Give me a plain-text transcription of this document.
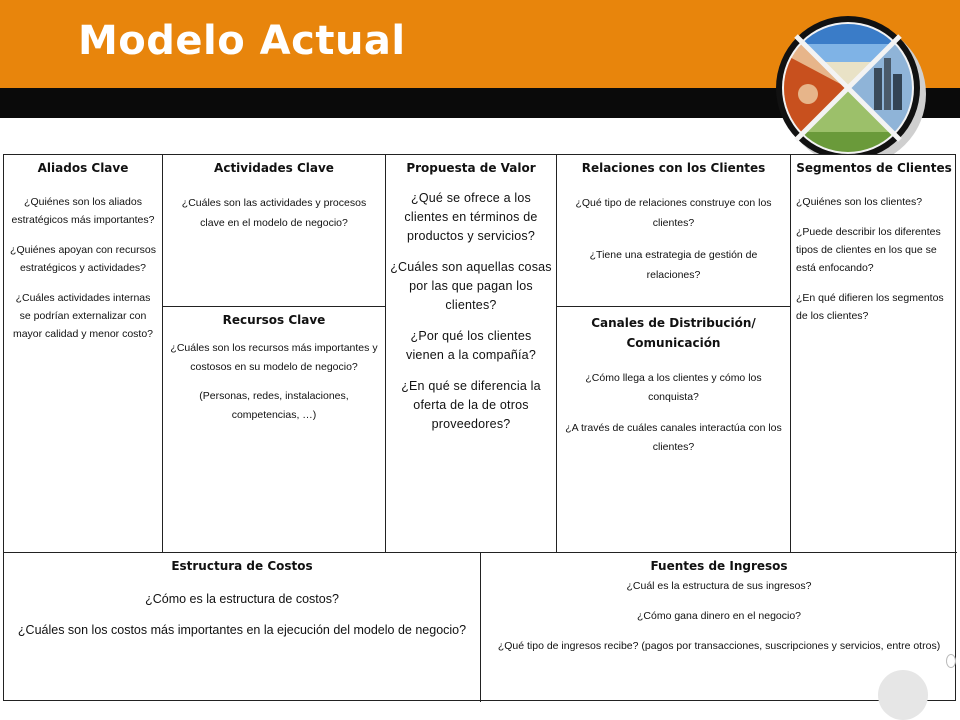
Modelo Actual
Aliados Clave
¿Quiénes son los aliados estratégicos más importantes?
¿Quiénes apoyan con recursos estratégicos y actividades?
¿Cuáles actividades internas se podrían externalizar con mayor calidad y menor costo?
Actividades Clave
¿Cuáles son las actividades y procesos clave en el modelo de negocio?
Recursos Clave
¿Cuáles son los recursos más importantes y costosos en su modelo de negocio?
(Personas, redes, instalaciones, competencias, …)
Propuesta de Valor
¿Qué se ofrece a los clientes en términos de productos y servicios?
¿Cuáles son aquellas cosas por las que pagan los clientes?
¿Por qué los clientes vienen a la compañía?
¿En qué se diferencia la oferta de la de otros proveedores?
Relaciones con los Clientes
¿Qué tipo de relaciones construye con los clientes?
¿Tiene una estrategia de gestión de relaciones?
Canales de Distribución/ Comunicación
¿Cómo llega a los clientes y cómo los conquista?
¿A través de cuáles canales interactúa con los clientes?
Segmentos de Clientes
¿Quiénes son los clientes?
¿Puede describir los diferentes tipos de clientes en los que se está enfocando?
¿En qué difieren los segmentos de los clientes?
Estructura de Costos
¿Cómo es la estructura de costos?
¿Cuáles son los costos más importantes en la ejecución del modelo de negocio?
Fuentes de Ingresos
¿Cuál es la estructura de sus ingresos?
¿Cómo gana dinero en el negocio?
¿Qué tipo de ingresos recibe? (pagos por transacciones, suscripciones y servicios, entre otros)
